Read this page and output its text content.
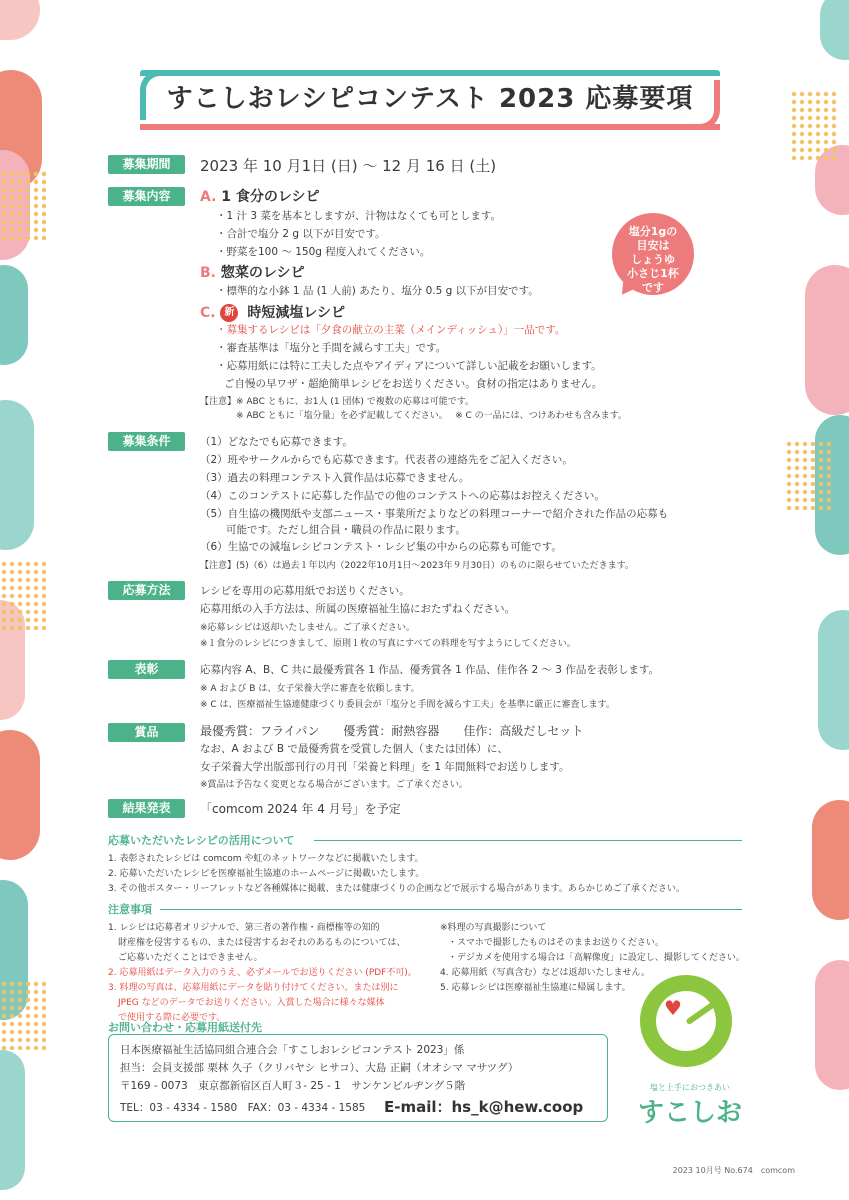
すこしおレシピコンテスト 2023 応募要項
募集期間	2023 年 10 月1日 (日) ～ 12 月 16 日 (土)
募集内容	A. 1 食分のレシピ
・1 汁 3 菜を基本としますが、汁物はなくても可とします。
・合計で塩分 2 g 以下が目安です。
・野菜を100 ～ 150g 程度入れてください。
B. 惣菜のレシピ
・標準的な小鉢 1 品 (1 人前) あたり、塩分 0.5 g 以下が目安です。
C. 新 時短減塩レシピ
・募集するレシピは「夕食の献立の主菜（メインディッシュ）」一品です。
・審査基準は「塩分と手間を減らす工夫」です。
・応募用紙には特に工夫した点やアイディアについて詳しい記載をお願いします。
ご自慢の早ワザ・超絶簡単レシピをお送りください。食材の指定はありません。
【注意】※ ABC ともに、お1人 (1 団体) で複数の応募は可能です。
※ ABC ともに「塩分量」を必ず記載してください。　 ※ C の一品には、つけあわせも含みます。
塩分1gの
目安は
しょうゆ
小さじ1杯
です
募集条件	（1）どなたでも応募できます。
（2）班やサークルからでも応募できます。代表者の連絡先をご記入ください。
（3）過去の料理コンテスト入賞作品は応募できません。
（4）このコンテストに応募した作品での他のコンテストへの応募はお控えください。
（5）自生協の機関紙や支部ニュース・事業所だよりなどの料理コーナーで紹介された作品の応募も
可能です。ただし組合員・職員の作品に限ります。
（6）生協での減塩レシピコンテスト・レシピ集の中からの応募も可能です。
【注意】(5)（6）は過去１年以内（2022年10月1日～2023年９月30日）のものに限らせていただきます。
応募方法	レシピを専用の応募用紙でお送りください。
応募用紙の入手方法は、所属の医療福祉生協におたずねください。
※応募レシピは返却いたしません。ご了承ください。
※１食分のレシピにつきまして、原則１枚の写真にすべての料理を写すようにしてください。
表彰	応募内容 A、B、C 共に最優秀賞各 1 作品、優秀賞各 1 作品、佳作各 2 ～ 3 作品を表彰します。
※ A および B は、女子栄養大学に審査を依頼します。
※ C は、医療福祉生協連健康づくり委員会が「塩分と手間を減らす工夫」を基準に厳正に審査します。
賞品	最優秀賞：フライパン　　優秀賞：耐熱容器　　佳作：高級だしセット
なお、A および B で最優秀賞を受賞した個人（または団体）に、
女子栄養大学出版部刊行の月刊「栄養と料理」を 1 年間無料でお送りします。
※賞品は予告なく変更となる場合がございます。ご了承ください。
結果発表	「comcom 2024 年 4 月号」を予定
応募いただいたレシピの活用について
1. 表彰されたレシピは comcom や虹のネットワークなどに掲載いたします。
2. 応募いただいたレシピを医療福祉生協連のホームページに掲載いたします。
3. その他ポスター・リーフレットなど各種媒体に掲載、または健康づくりの企画などで展示する場合があります。あらかじめご了承ください。
注意事項
1. レシピは応募者オリジナルで、第三者の著作権・商標権等の知的
財産権を侵害するもの、または侵害するおそれのあるものについては、
ご応募いただくことはできません。
2. 応募用紙はデータ入力のうえ、必ずメールでお送りください (PDF不可)。
3. 料理の写真は、応募用紙にデータを貼り付けてください。または別に
JPEG などのデータでお送りください。入賞した場合に様々な媒体
で使用する際に必要です。
※料理の写真撮影について
・スマホで撮影したものはそのままお送りください。
・デジカメを使用する場合は「高解像度」に設定し、撮影してください。
4. 応募用紙（写真含む）などは返却いたしません。
5. 応募レシピは医療福祉生協連に帰属します。
お問い合わせ・応募用紙送付先
日本医療福祉生活協同組合連合会「すこしおレシピコンテスト 2023」係
担当：会員支援部 栗林 久子（クリバヤシ ヒサコ）、大島 正嗣（オオシマ マサツグ）
〒169 - 0073　東京都新宿区百人町３- 25 - 1　サンケンビルヂング５階
TEL：03 - 4334 - 1580　FAX：03 - 4334 - 1585 E-mail：hs_k@hew.coop
♥
塩と上手におつきあい
すこしお
2023 10月号 No.674　comcom
